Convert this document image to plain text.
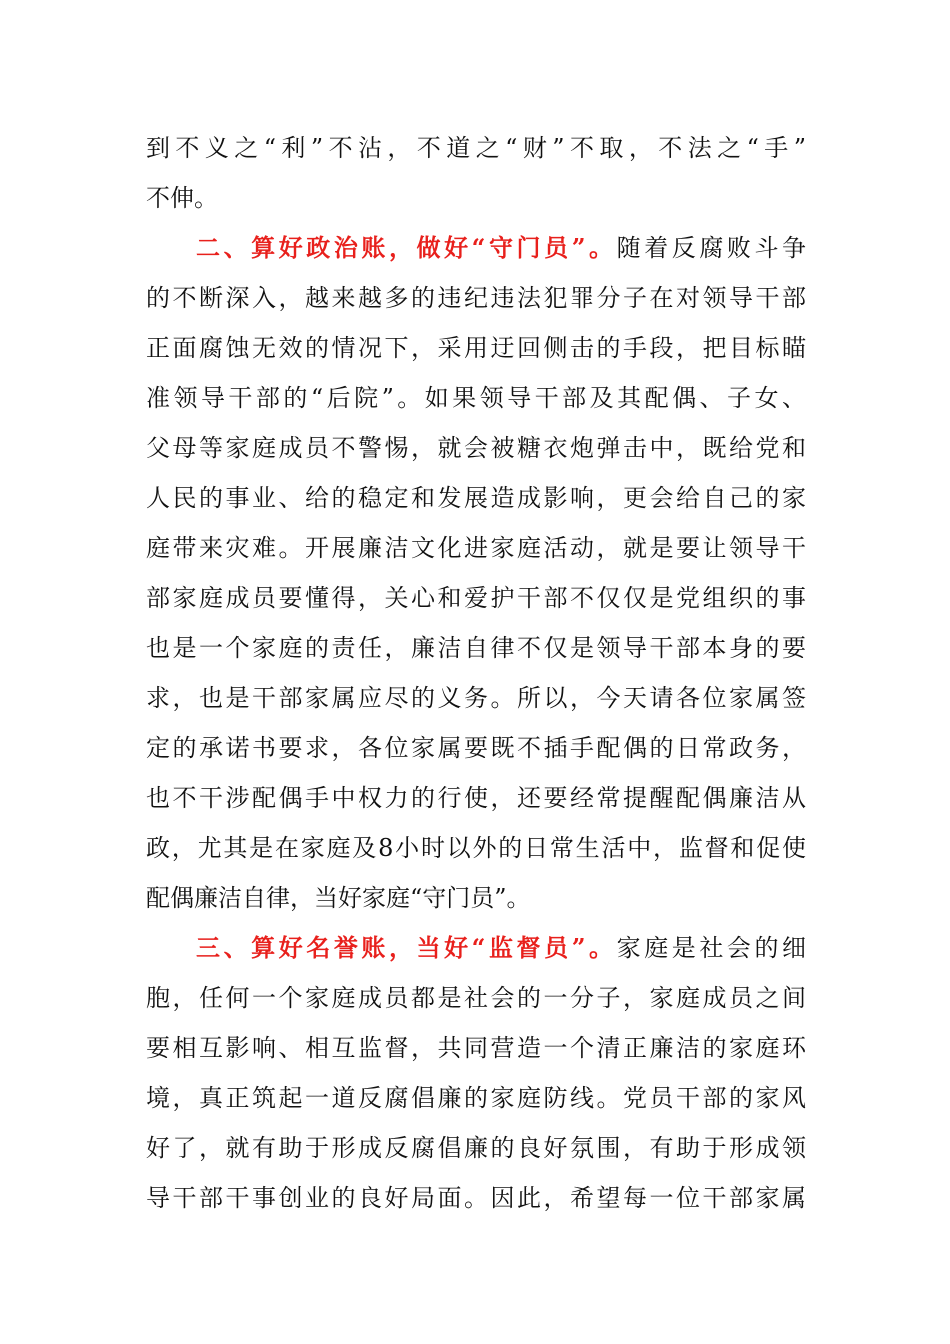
到不义之“利”不沾，不道之“财”不取，不法之“手”
不伸。
二、算好政治账，做好“守门员”。随着反腐败斗争
的不断深入，越来越多的违纪违法犯罪分子在对领导干部
正面腐蚀无效的情况下，采用迂回侧击的手段，把目标瞄
准领导干部的“后院”。如果领导干部及其配偶、子女、
父母等家庭成员不警惕，就会被糖衣炮弹击中，既给党和
人民的事业、给的稳定和发展造成影响，更会给自己的家
庭带来灾难。开展廉洁文化进家庭活动，就是要让领导干
部家庭成员要懂得，关心和爱护干部不仅仅是党组织的事
也是一个家庭的责任，廉洁自律不仅是领导干部本身的要
求，也是干部家属应尽的义务。所以，今天请各位家属签
定的承诺书要求，各位家属要既不插手配偶的日常政务，
也不干涉配偶手中权力的行使，还要经常提醒配偶廉洁从
政，尤其是在家庭及8小时以外的日常生活中，监督和促使
配偶廉洁自律，当好家庭“守门员”。
三、算好名誉账，当好“监督员”。家庭是社会的细
胞，任何一个家庭成员都是社会的一分子，家庭成员之间
要相互影响、相互监督，共同营造一个清正廉洁的家庭环
境，真正筑起一道反腐倡廉的家庭防线。党员干部的家风
好了，就有助于形成反腐倡廉的良好氛围，有助于形成领
导干部干事创业的良好局面。因此，希望每一位干部家属
